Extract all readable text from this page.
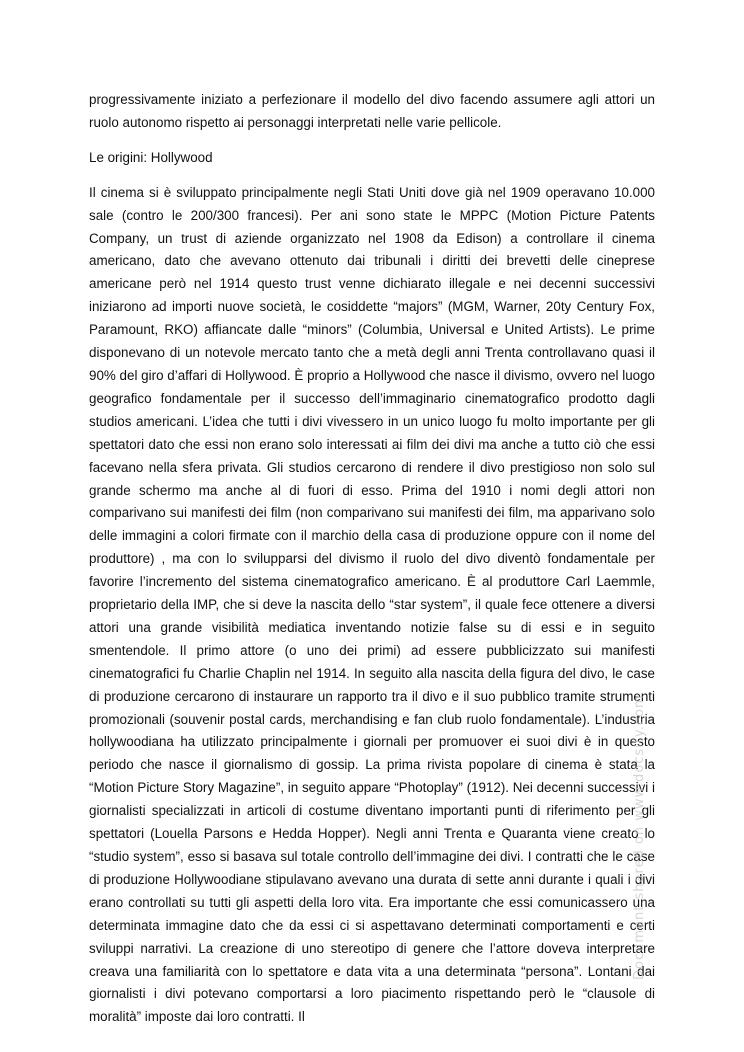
progressivamente iniziato a perfezionare il modello del divo facendo assumere agli attori un ruolo autonomo rispetto ai personaggi interpretati nelle varie pellicole.

Le origini: Hollywood

Il cinema si è sviluppato principalmente negli Stati Uniti dove già nel 1909 operavano 10.000 sale (contro le 200/300 francesi). Per ani sono state le MPPC (Motion Picture Patents Company, un trust di aziende organizzato nel 1908 da Edison) a controllare il cinema americano, dato che avevano ottenuto dai tribunali i diritti dei brevetti delle cineprese americane però nel 1914 questo trust venne dichiarato illegale e nei decenni successivi iniziarono ad importi nuove società, le cosiddette “majors” (MGM, Warner, 20ty Century Fox, Paramount, RKO) affiancate dalle “minors” (Columbia, Universal e United Artists). Le prime disponevano di un notevole mercato tanto che a metà degli anni Trenta controllavano quasi il 90% del giro d’affari di Hollywood. È proprio a Hollywood che nasce il divismo, ovvero nel luogo geografico fondamentale per il successo dell’immaginario cinematografico prodotto dagli studios americani. L’idea che tutti i divi vivessero in un unico luogo fu molto importante per gli spettatori dato che essi non erano solo interessati ai film dei divi ma anche a tutto ciò che essi facevano nella sfera privata. Gli studios cercarono di rendere il divo prestigioso non solo sul grande schermo ma anche al di fuori di esso. Prima del 1910 i nomi degli attori non comparivano sui manifesti dei film (non comparivano sui manifesti dei film, ma apparivano solo delle immagini a colori firmate con il marchio della casa di produzione oppure con il nome del produttore) , ma con lo svilupparsi del divismo il ruolo del divo diventò fondamentale per favorire l’incremento del sistema cinematografico americano. È al produttore Carl Laemmle, proprietario della IMP, che si deve la nascita dello “star system”, il quale fece ottenere a diversi attori una grande visibilità mediatica inventando notizie false su di essi e in seguito smentendole. Il primo attore (o uno dei primi) ad essere pubblicizzato sui manifesti cinematografici fu Charlie Chaplin nel 1914. In seguito alla nascita della figura del divo, le case di produzione cercarono di instaurare un rapporto tra il divo e il suo pubblico tramite strumenti promozionali (souvenir postal cards, merchandising e fan club ruolo fondamentale). L’industria hollywoodiana ha utilizzato principalmente i giornali per promuover ei suoi divi è in questo periodo che nasce il giornalismo di gossip. La prima rivista popolare di cinema è stata la “Motion Picture Story Magazine”, in seguito appare “Photoplay” (1912). Nei decenni successivi i giornalisti specializzati in articoli di costume diventano importanti punti di riferimento per gli spettatori (Louella Parsons e Hedda Hopper). Negli anni Trenta e Quaranta viene creato lo “studio system”, esso si basava sul totale controllo dell’immagine dei divi. I contratti che le case di produzione Hollywoodiane stipulavano avevano una durata di sette anni durante i quali i divi erano controllati su tutti gli aspetti della loro vita. Era importante che essi comunicassero una determinata immagine dato che da essi ci si aspettavano determinati comportamenti e certi sviluppi narrativi. La creazione di uno stereotipo di genere che l’attore doveva interpretare creava una familiarità con lo spettatore e data vita a una determinata “persona”. Lontani dai giornalisti i divi potevano comportarsi a loro piacimento rispettando però le “clausole di moralità” imposte dai loro contratti. Il

Document shared on www.docsity.com
